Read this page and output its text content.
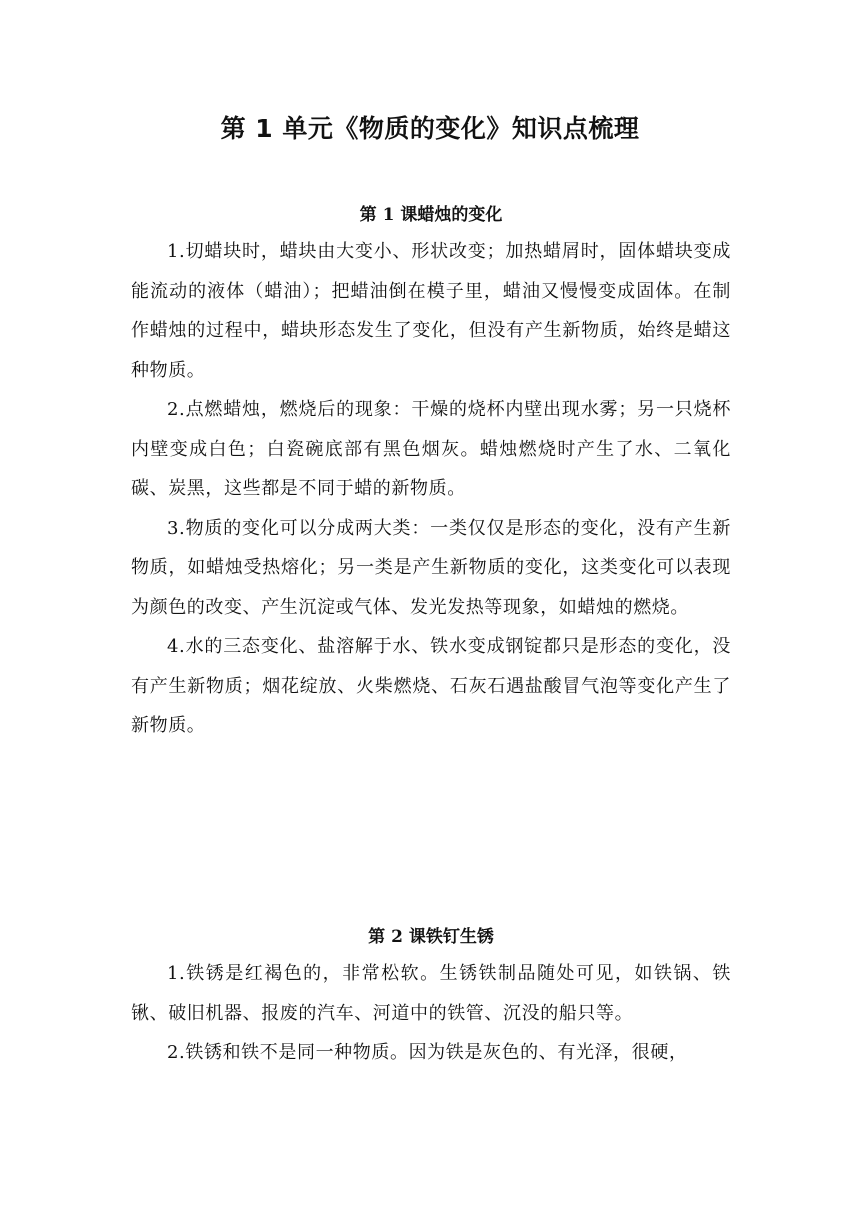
第 1 单元《物质的变化》知识点梳理
第 1 课蜡烛的变化

1.切蜡块时，蜡块由大变小、形状改变；加热蜡屑时，固体蜡块变成能流动的液体（蜡油）；把蜡油倒在模子里，蜡油又慢慢变成固体。在制作蜡烛的过程中，蜡块形态发生了变化，但没有产生新物质，始终是蜡这种物质。

2.点燃蜡烛，燃烧后的现象：干燥的烧杯内壁出现水雾；另一只烧杯内壁变成白色；白瓷碗底部有黑色烟灰。蜡烛燃烧时产生了水、二氧化碳、炭黑，这些都是不同于蜡的新物质。

3.物质的变化可以分成两大类：一类仅仅是形态的变化，没有产生新物质，如蜡烛受热熔化；另一类是产生新物质的变化，这类变化可以表现为颜色的改变、产生沉淀或气体、发光发热等现象，如蜡烛的燃烧。

4.水的三态变化、盐溶解于水、铁水变成钢锭都只是形态的变化，没有产生新物质；烟花绽放、火柴燃烧、石灰石遇盐酸冒气泡等变化产生了新物质。

第 2 课铁钉生锈

1.铁锈是红褐色的，非常松软。生锈铁制品随处可见，如铁锅、铁锹、破旧机器、报废的汽车、河道中的铁管、沉没的船只等。

2.铁锈和铁不是同一种物质。因为铁是灰色的、有光泽，很硬，
